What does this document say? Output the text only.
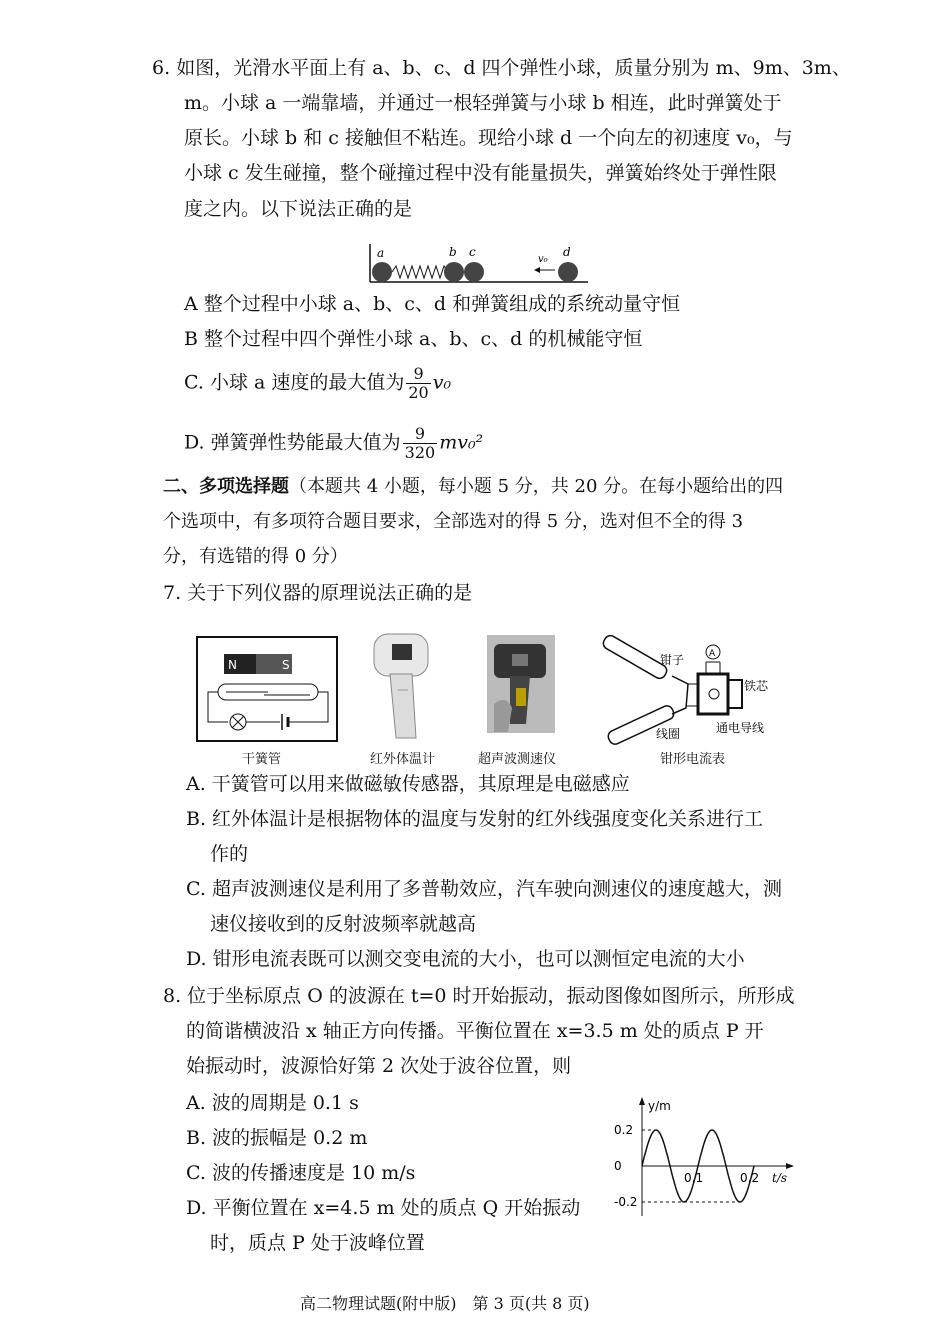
6. 如图，光滑水平面上有 a、b、c、d 四个弹性小球，质量分别为 m、9m、3m、
m。小球 a 一端靠墙，并通过一根轻弹簧与小球 b 相连，此时弹簧处于
原长。小球 b 和 c 接触但不粘连。现给小球 d 一个向左的初速度 v₀，与
小球 c 发生碰撞，整个碰撞过程中没有能量损失，弹簧始终处于弹性限
度之内。以下说法正确的是
a	b c	d
v₀
A 整个过程中小球 a、b、c、d 和弹簧组成的系统动量守恒
B 整个过程中四个弹性小球 a、b、c、d 的机械能守恒
C. 小球 a 速度的最大值为 $\frac{9}{20} v_0$
D. 弹簧弹性势能最大值为 $\frac{9}{320} mv_0^2$
二、多项选择题（本题共 4 小题，每小题 5 分，共 20 分。在每小题给出的四
个选项中，有多项符合题目要求，全部选对的得 5 分，选对但不全的得 3
分，有选错的得 0 分）
7. 关于下列仪器的原理说法正确的是
N	S
A
钳子
铁芯
线圈	通电导线
干簧管	红外体温计	超声波测速仪	钳形电流表
A. 干簧管可以用来做磁敏传感器，其原理是电磁感应
B. 红外体温计是根据物体的温度与发射的红外线强度变化关系进行工
作的
C. 超声波测速仪是利用了多普勒效应，汽车驶向测速仪的速度越大，测
速仪接收到的反射波频率就越高
D. 钳形电流表既可以测交变电流的大小，也可以测恒定电流的大小
8. 位于坐标原点 O 的波源在 t=0 时开始振动，振动图像如图所示，所形成
的简谐横波沿 x 轴正方向传播。平衡位置在 x=3.5 m 处的质点 P 开
始振动时，波源恰好第 2 次处于波谷位置，则
A. 波的周期是 0.1 s
B. 波的振幅是 0.2 m
C. 波的传播速度是 10 m/s
D. 平衡位置在 x=4.5 m 处的质点 Q 开始振动
时，质点 P 处于波峰位置
y/m
t/s
0.2
0
-0.2
0.1	0.2
高二物理试题(附中版)　第 3 页(共 8 页)
